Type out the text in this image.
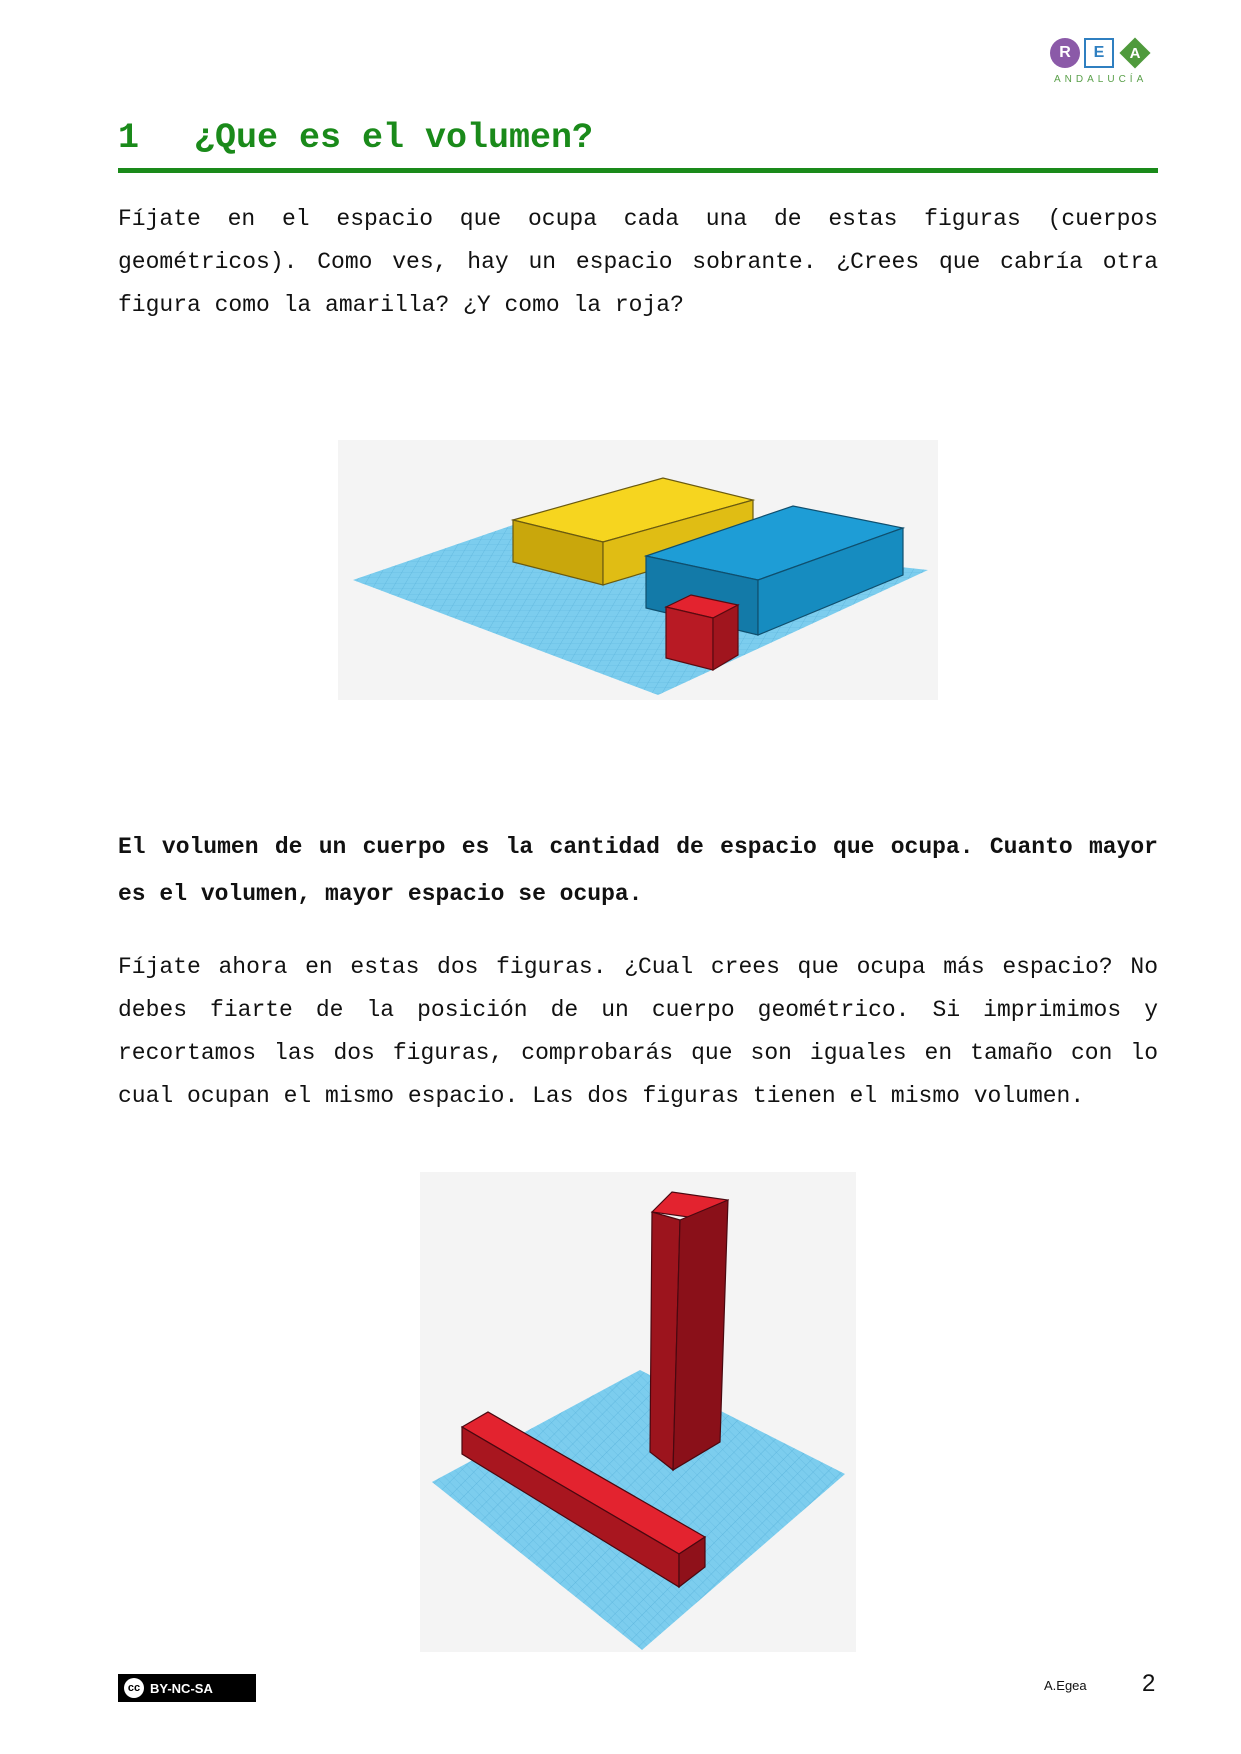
R	E	A
ANDALUCÍA
1	¿Que es el volumen?

Fíjate en el espacio que ocupa cada una de estas figuras (cuerpos geométricos). Como ves, hay un espacio sobrante. ¿Crees que cabría otra figura como la amarilla? ¿Y como la roja?

El volumen de un cuerpo es la cantidad de espacio que ocupa. Cuanto mayor es el volumen, mayor espacio se ocupa.

Fíjate ahora en estas dos figuras. ¿Cual crees que ocupa más espacio? No debes fiarte de la posición de un cuerpo geométrico. Si imprimimos y recortamos las dos figuras, comprobarás que son iguales en tamaño con lo cual ocupan el mismo espacio. Las dos figuras tienen el mismo volumen.

cc BY-NC-SA	A.Egea 2
